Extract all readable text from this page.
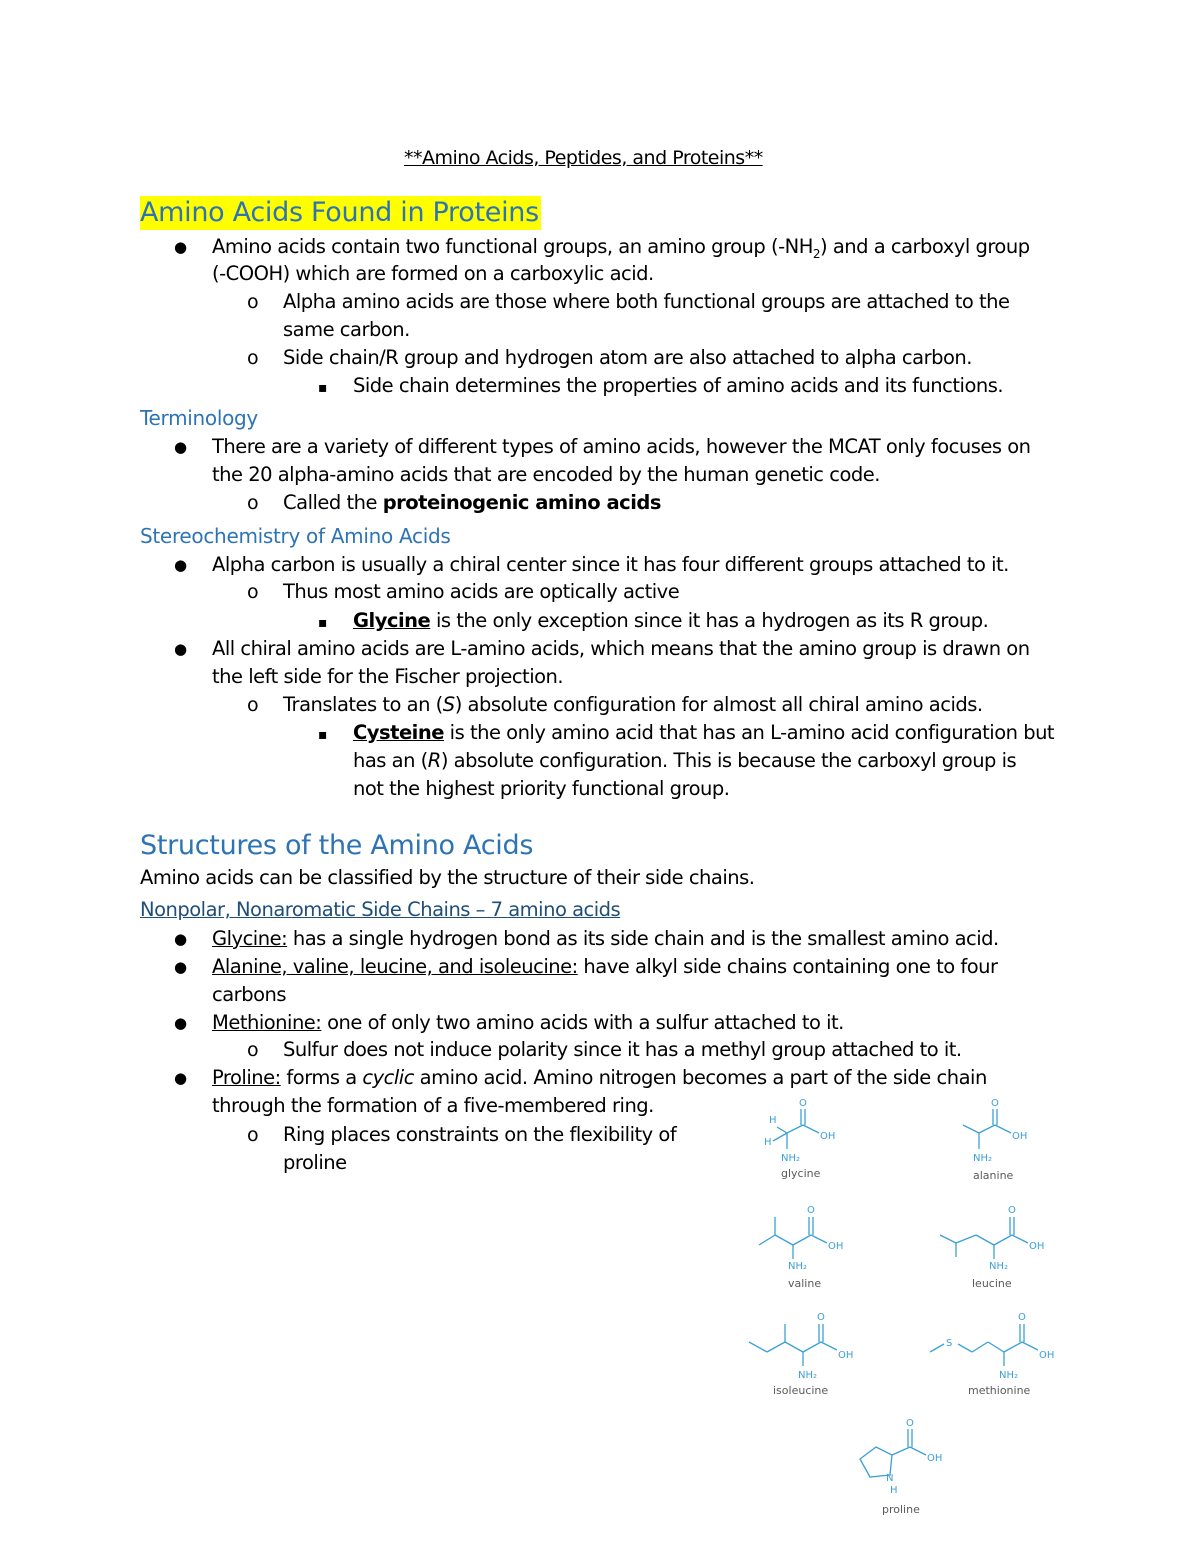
**Amino Acids, Peptides, and Proteins**
Amino Acids Found in Proteins
●
Amino acids contain two functional groups, an amino group $(-NH_2)$ and a carboxyl group
(-COOH) which are formed on a carboxylic acid.
o
Alpha amino acids are those where both functional groups are attached to the
same carbon.
o
Side chain/R group and hydrogen atom are also attached to alpha carbon.
▪
Side chain determines the properties of amino acids and its functions.
Terminology
●
There are a variety of different types of amino acids, however the MCAT only focuses on
the 20 alpha-amino acids that are encoded by the human genetic code.
o
Called the proteinogenic amino acids
Stereochemistry of Amino Acids
●
Alpha carbon is usually a chiral center since it has four different groups attached to it.
o
Thus most amino acids are optically active
▪
Glycine is the only exception since it has a hydrogen as its R group.
●
All chiral amino acids are L-amino acids, which means that the amino group is drawn on
the left side for the Fischer projection.
o
Translates to an (S) absolute configuration for almost all chiral amino acids.
▪
Cysteine is the only amino acid that has an L-amino acid configuration but
has an (R) absolute configuration. This is because the carboxyl group is
not the highest priority functional group.
Structures of the Amino Acids
Amino acids can be classified by the structure of their side chains.
Nonpolar, Nonaromatic Side Chains – 7 amino acids
●
Glycine: has a single hydrogen bond as its side chain and is the smallest amino acid.
●
Alanine, valine, leucine, and isoleucine: have alkyl side chains containing one to four
carbons
●
Methionine: one of only two amino acids with a sulfur attached to it.
o
Sulfur does not induce polarity since it has a methyl group attached to it.
●
Proline: forms a cyclic amino acid. Amino nitrogen becomes a part of the side chain
through the formation of a five-membered ring.
o
Ring places constraints on the flexibility of
proline
O
OH
H
H
NH₂
glycine
O
OH
NH₂
alanine
O
OH
NH₂
valine
O
OH
NH₂
leucine
O
OH
NH₂
isoleucine
S
O
OH
NH₂
methionine
O
OH
N
H
proline
